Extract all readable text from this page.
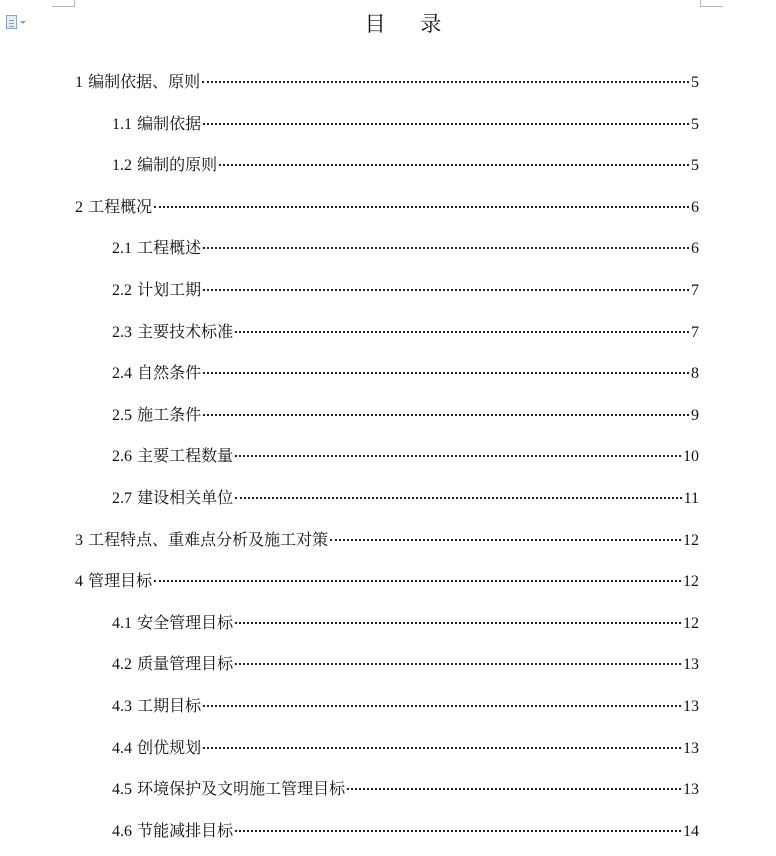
目 录
1 编制依据、原则	5
1.1 编制依据	5
1.2 编制的原则	5
2 工程概况	6
2.1 工程概述	6
2.2 计划工期	7
2.3 主要技术标准	7
2.4 自然条件	8
2.5 施工条件	9
2.6 主要工程数量	10
2.7 建设相关单位	11
3 工程特点、重难点分析及施工对策	12
4 管理目标	12
4.1 安全管理目标	12
4.2 质量管理目标	13
4.3 工期目标	13
4.4 创优规划	13
4.5 环境保护及文明施工管理目标	13
4.6 节能减排目标	14
